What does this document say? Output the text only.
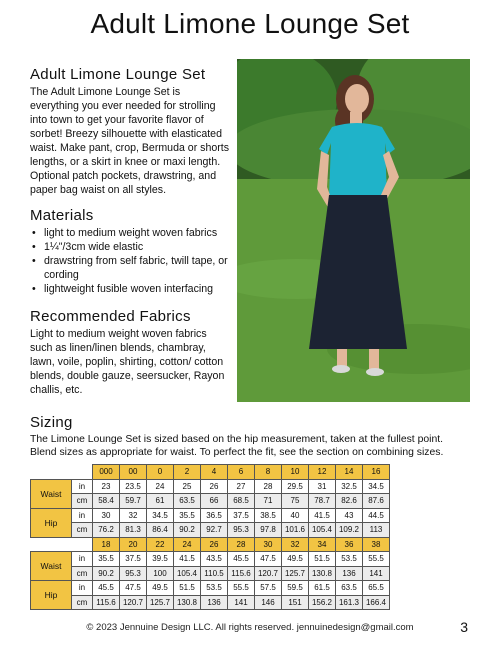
Adult Limone Lounge Set
Adult Limone Lounge Set

The Adult Limone Lounge Set is everything you ever needed for strolling into town to get your favorite flavor of sorbet! Breezy silhouette with elasticated waist. Make pant, crop, Bermuda or shorts lengths, or a skirt in knee or maxi length. Optional patch pockets, drawstring, and paper bag waist on all styles.

Materials
• light to medium weight woven fabrics
• 1¼"/3cm wide elastic
• drawstring from self fabric, twill tape, or cording
• lightweight fusible woven interfacing
Recommended Fabrics

Light to medium weight woven fabrics such as linen/linen blends, chambray, lawn, voile, poplin, shirting, cotton/ cotton blends, double gauze, seersucker, Rayon challis, etc.

Sizing

The Limone Lounge Set is sized based on the hip measurement, taken at the fullest point. Blend sizes as appropriate for waist. To perfect the fit, see the section on combining sizes.

		000	00	0	2	4	6	8	10	12	14	16
Waist	in	23	23.5	24	25	26	27	28	29.5	31	32.5	34.5
	cm	58.4	59.7	61	63.5	66	68.5	71	75	78.7	82.6	87.6
Hip	in	30	32	34.5	35.5	36.5	37.5	38.5	40	41.5	43	44.5
	cm	76.2	81.3	86.4	90.2	92.7	95.3	97.8	101.6	105.4	109.2	113
		18	20	22	24	26	28	30	32	34	36	38
Waist	in	35.5	37.5	39.5	41.5	43.5	45.5	47.5	49.5	51.5	53.5	55.5
	cm	90.2	95.3	100	105.4	110.5	115.6	120.7	125.7	130.8	136	141
Hip	in	45.5	47.5	49.5	51.5	53.5	55.5	57.5	59.5	61.5	63.5	65.5
	cm	115.6	120.7	125.7	130.8	136	141	146	151	156.2	161.3	166.4
© 2023 Jennuine Design LLC. All rights reserved. jennuinedesign@gmail.com	3
